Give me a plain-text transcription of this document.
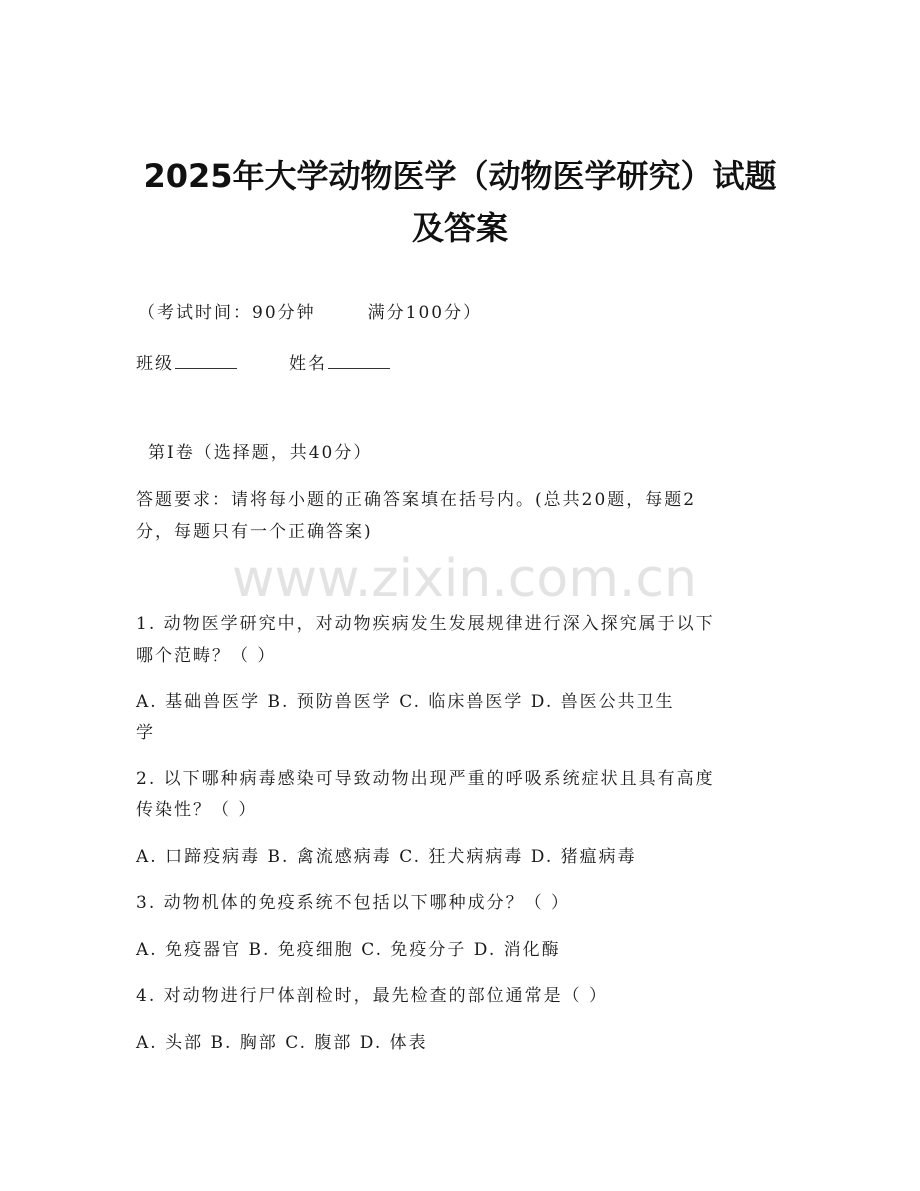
2025年大学动物医学（动物医学研究）试题
及答案
（考试时间：90分钟	满分100分）
班级	姓名
第Ⅰ卷（选择题，共40分）
答题要求：请将每小题的正确答案填在括号内。(总共20题，每题2
分，每题只有一个正确答案)
www.zixin.com.cn
1. 动物医学研究中，对动物疾病发生发展规律进行深入探究属于以下
哪个范畴？（ ）
A. 基础兽医学 B. 预防兽医学 C. 临床兽医学 D. 兽医公共卫生
学
2. 以下哪种病毒感染可导致动物出现严重的呼吸系统症状且具有高度
传染性？（ ）
A. 口蹄疫病毒 B. 禽流感病毒 C. 狂犬病病毒 D. 猪瘟病毒
3. 动物机体的免疫系统不包括以下哪种成分？（ ）
A. 免疫器官 B. 免疫细胞 C. 免疫分子 D. 消化酶
4. 对动物进行尸体剖检时，最先检查的部位通常是（ ）
A. 头部 B. 胸部 C. 腹部 D. 体表
